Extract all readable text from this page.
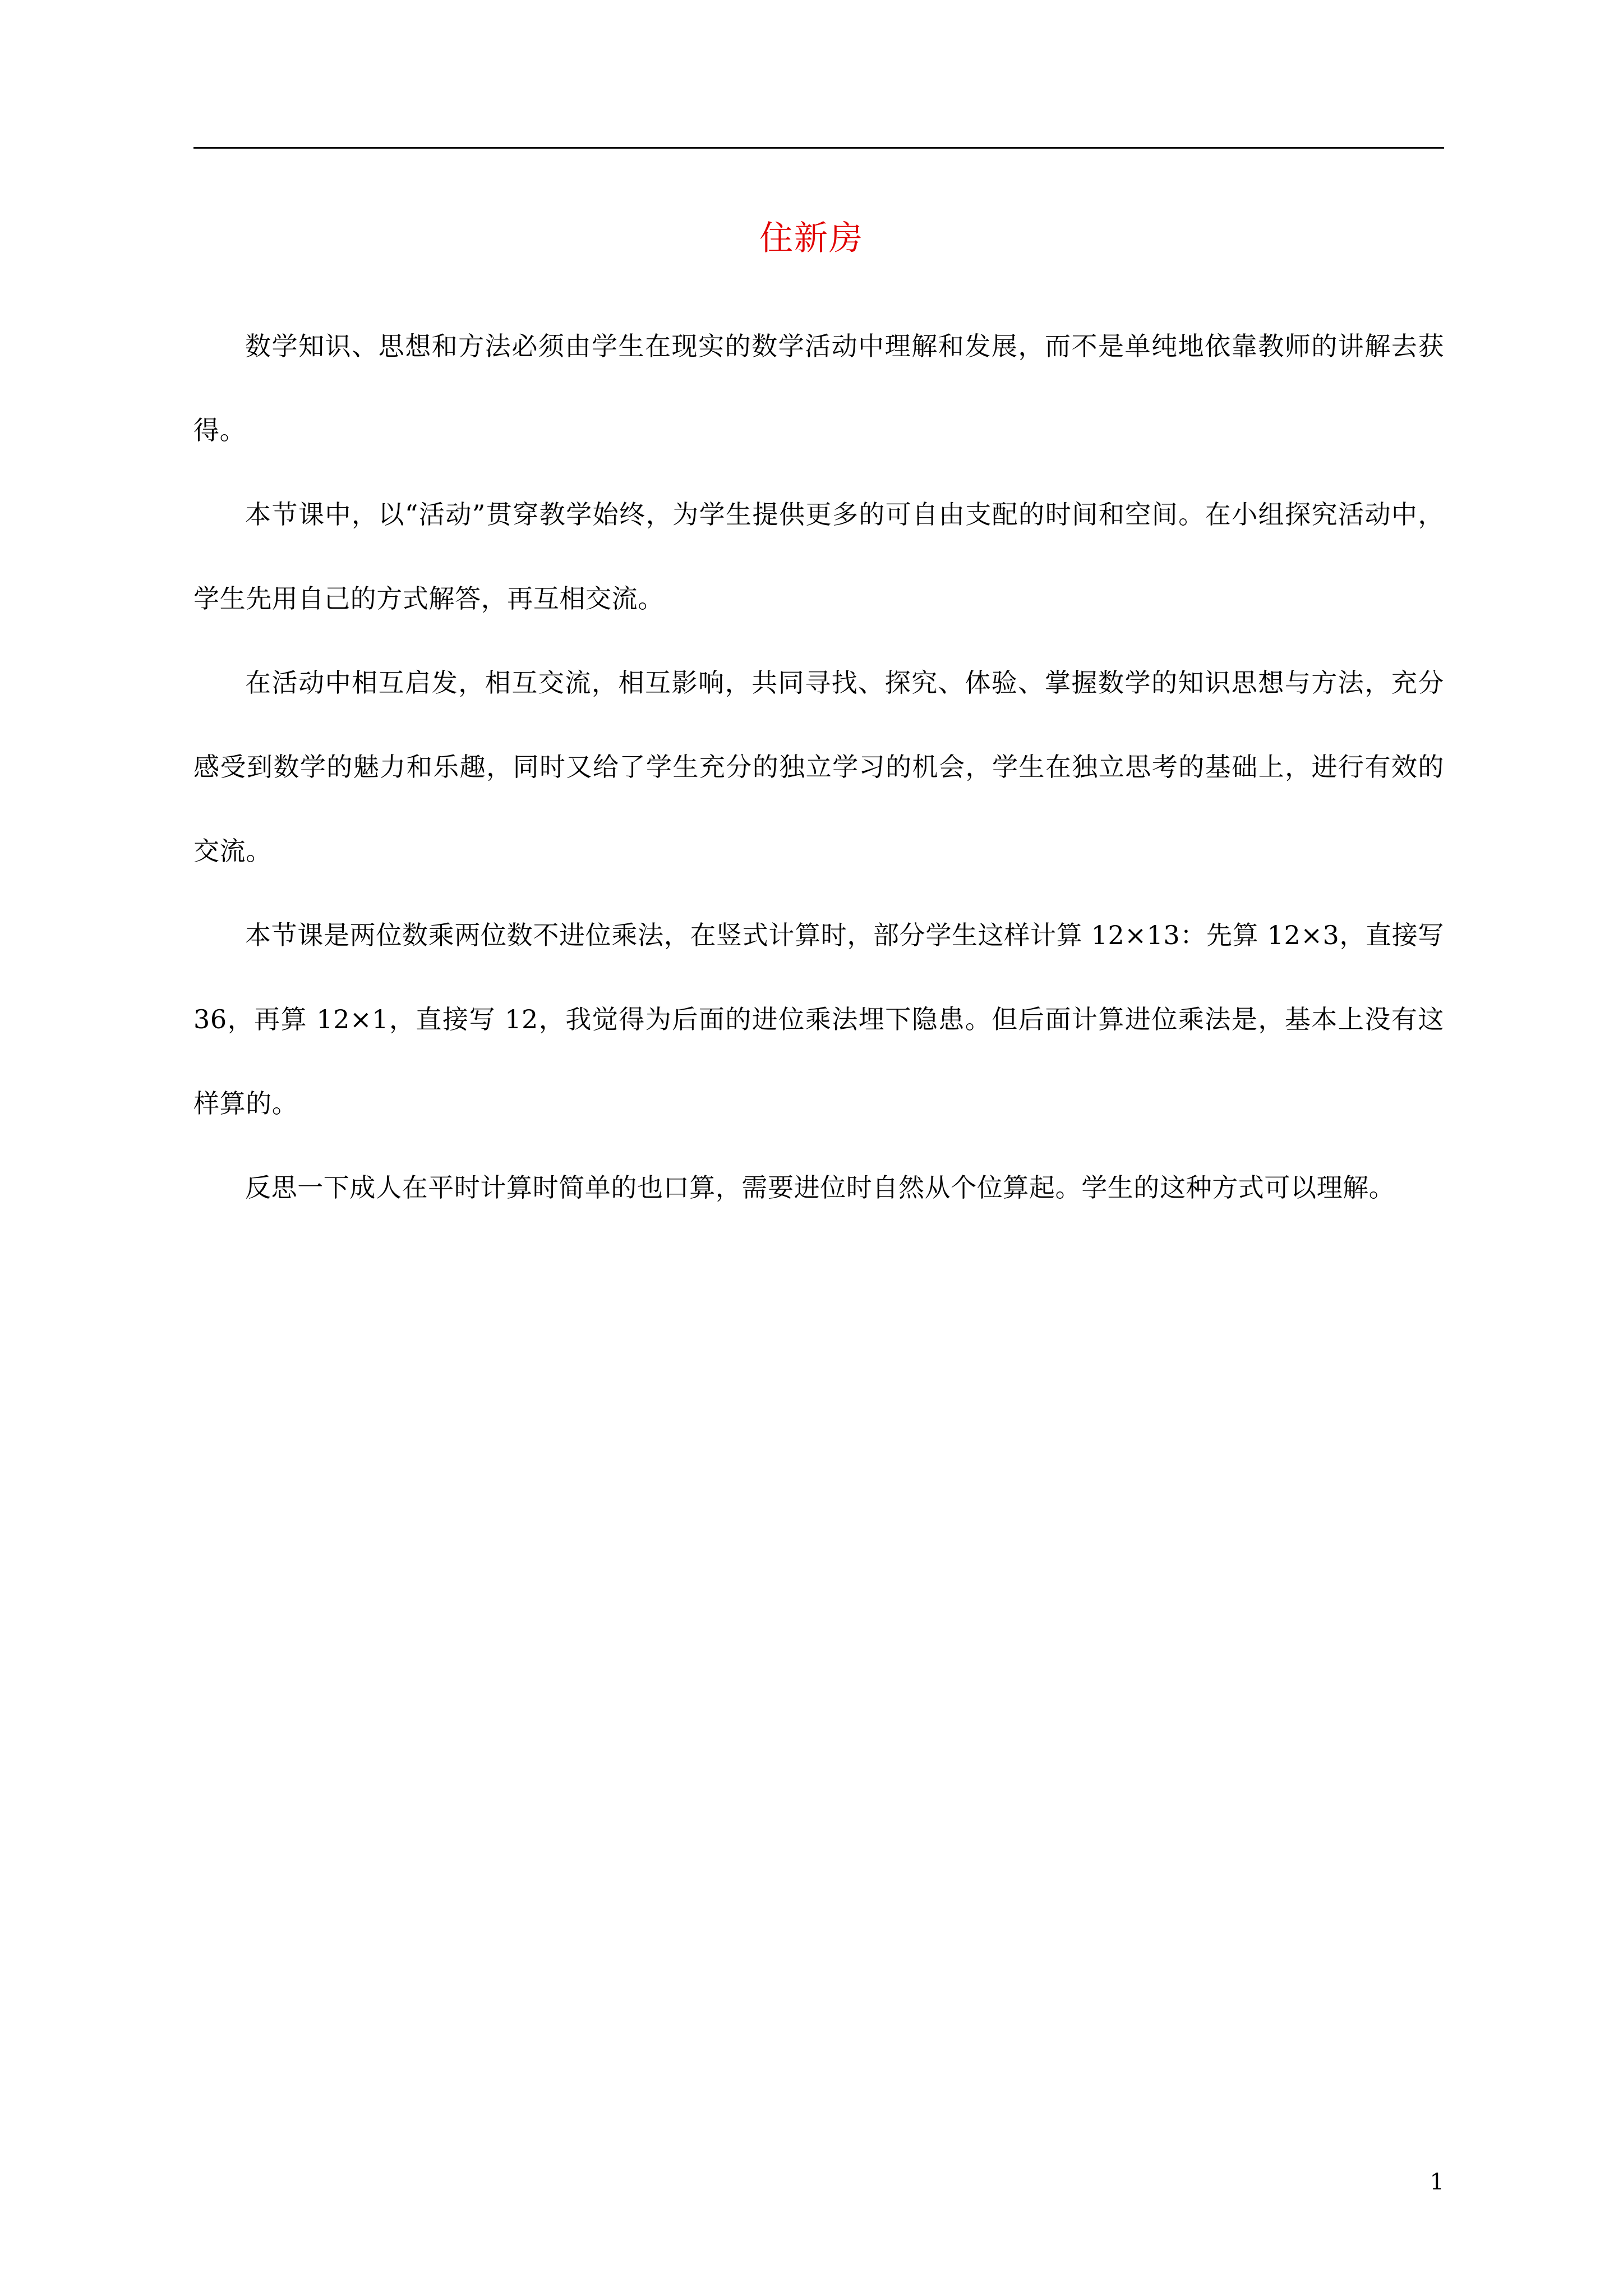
住新房

数学知识、思想和方法必须由学生在现实的数学活动中理解和发展，而不是单纯地依靠教师的讲解去获得。

本节课中，以“活动”贯穿教学始终，为学生提供更多的可自由支配的时间和空间。在小组探究活动中，学生先用自己的方式解答，再互相交流。

在活动中相互启发，相互交流，相互影响，共同寻找、探究、体验、掌握数学的知识思想与方法，充分感受到数学的魅力和乐趣，同时又给了学生充分的独立学习的机会，学生在独立思考的基础上，进行有效的交流。

本节课是两位数乘两位数不进位乘法，在竖式计算时，部分学生这样计算 12×13：先算 12×3，直接写 36，再算 12×1，直接写 12，我觉得为后面的进位乘法埋下隐患。但后面计算进位乘法是，基本上没有这样算的。

反思一下成人在平时计算时简单的也口算，需要进位时自然从个位算起。学生的这种方式可以理解。

1
